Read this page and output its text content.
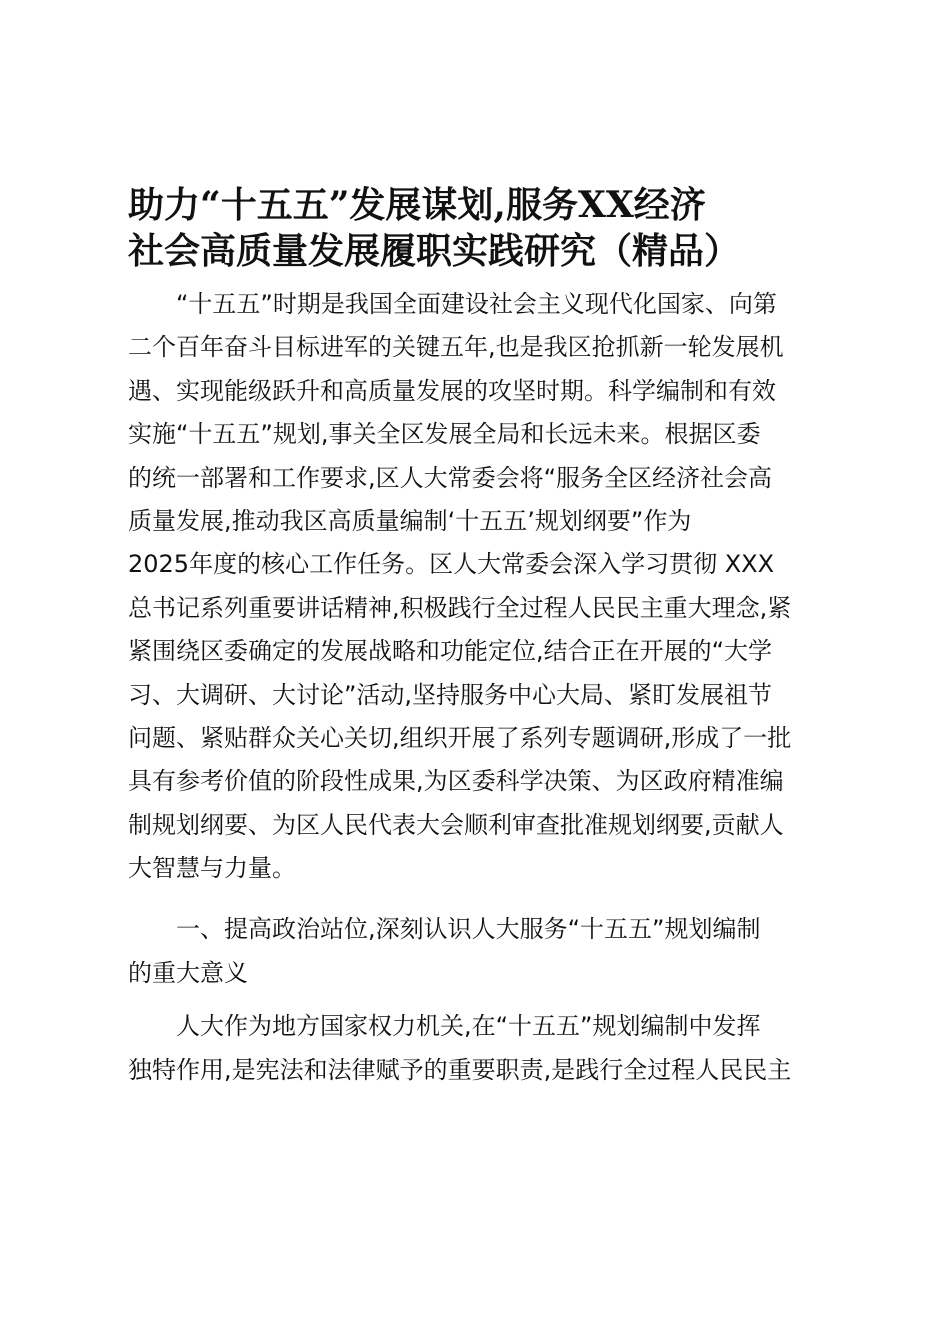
助力“十五五”发展谋划,服务XX经济
社会高质量发展履职实践研究（精品）
“十五五”时期是我国全面建设社会主义现代化国家、向第
二个百年奋斗目标进军的关键五年,也是我区抢抓新一轮发展机
遇、实现能级跃升和高质量发展的攻坚时期。科学编制和有效
实施“十五五”规划,事关全区发展全局和长远未来。根据区委
的统一部署和工作要求,区人大常委会将“服务全区经济社会高
质量发展,推动我区高质量编制‘十五五’规划纲要”作为
2025年度的核心工作任务。区人大常委会深入学习贯彻 XXX
总书记系列重要讲话精神,积极践行全过程人民民主重大理念,紧
紧围绕区委确定的发展战略和功能定位,结合正在开展的“大学
习、大调研、大讨论”活动,坚持服务中心大局、紧盯发展祖节
问题、紧贴群众关心关切,组织开展了系列专题调研,形成了一批
具有参考价值的阶段性成果,为区委科学决策、为区政府精准编
制规划纲要、为区人民代表大会顺利审查批准规划纲要,贡献人
大智慧与力量。
一、提高政治站位,深刻认识人大服务“十五五”规划编制
的重大意义
人大作为地方国家权力机关,在“十五五”规划编制中发挥
独特作用,是宪法和法律赋予的重要职责,是践行全过程人民民主
